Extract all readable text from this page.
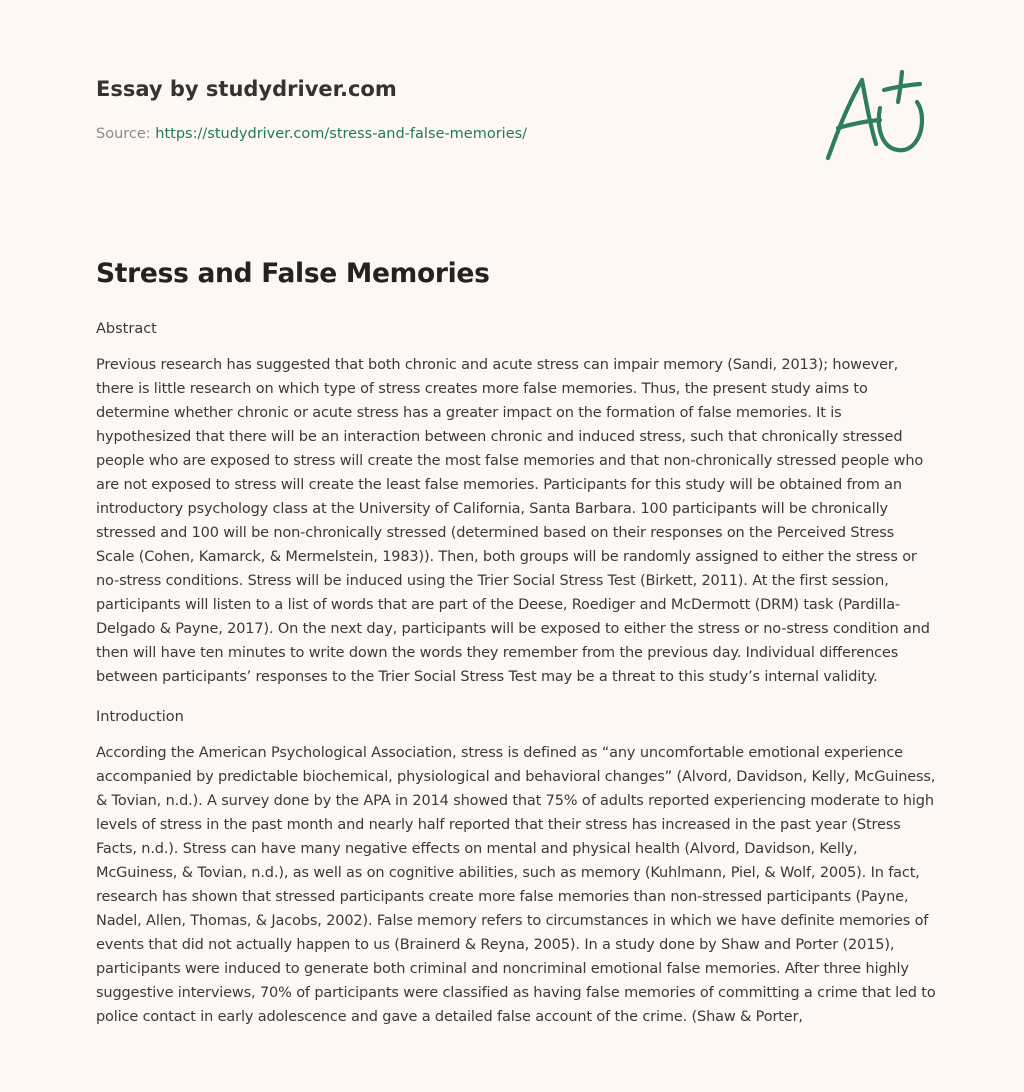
Essay by studydriver.com
Source: https://studydriver.com/stress-and-false-memories/
Stress and False Memories

Abstract

Previous research has suggested that both chronic and acute stress can impair memory (Sandi, 2013); however, there is little research on which type of stress creates more false memories. Thus, the present study aims to determine whether chronic or acute stress has a greater impact on the formation of false memories. It is hypothesized that there will be an interaction between chronic and induced stress, such that chronically stressed people who are exposed to stress will create the most false memories and that non-chronically stressed people who are not exposed to stress will create the least false memories. Participants for this study will be obtained from an introductory psychology class at the University of California, Santa Barbara. 100 participants will be chronically stressed and 100 will be non-chronically stressed (determined based on their responses on the Perceived Stress Scale (Cohen, Kamarck, & Mermelstein, 1983)). Then, both groups will be randomly assigned to either the stress or no-stress conditions. Stress will be induced using the Trier Social Stress Test (Birkett, 2011). At the first session, participants will listen to a list of words that are part of the Deese, Roediger and McDermott (DRM) task (Pardilla-Delgado & Payne, 2017). On the next day, participants will be exposed to either the stress or no-stress condition and then will have ten minutes to write down the words they remember from the previous day. Individual differences between participants’ responses to the Trier Social Stress Test may be a threat to this study’s internal validity.

Introduction

According the American Psychological Association, stress is defined as “any uncomfortable emotional experience accompanied by predictable biochemical, physiological and behavioral changes” (Alvord, Davidson, Kelly, McGuiness, & Tovian, n.d.). A survey done by the APA in 2014 showed that 75% of adults reported experiencing moderate to high levels of stress in the past month and nearly half reported that their stress has increased in the past year (Stress Facts, n.d.). Stress can have many negative effects on mental and physical health (Alvord, Davidson, Kelly, McGuiness, & Tovian, n.d.), as well as on cognitive abilities, such as memory (Kuhlmann, Piel, & Wolf, 2005). In fact, research has shown that stressed participants create more false memories than non-stressed participants (Payne, Nadel, Allen, Thomas, & Jacobs, 2002). False memory refers to circumstances in which we have definite memories of events that did not actually happen to us (Brainerd & Reyna, 2005). In a study done by Shaw and Porter (2015), participants were induced to generate both criminal and noncriminal emotional false memories. After three highly suggestive interviews, 70% of participants were classified as having false memories of committing a crime that led to police contact in early adolescence and gave a detailed false account of the crime. (Shaw & Porter,
